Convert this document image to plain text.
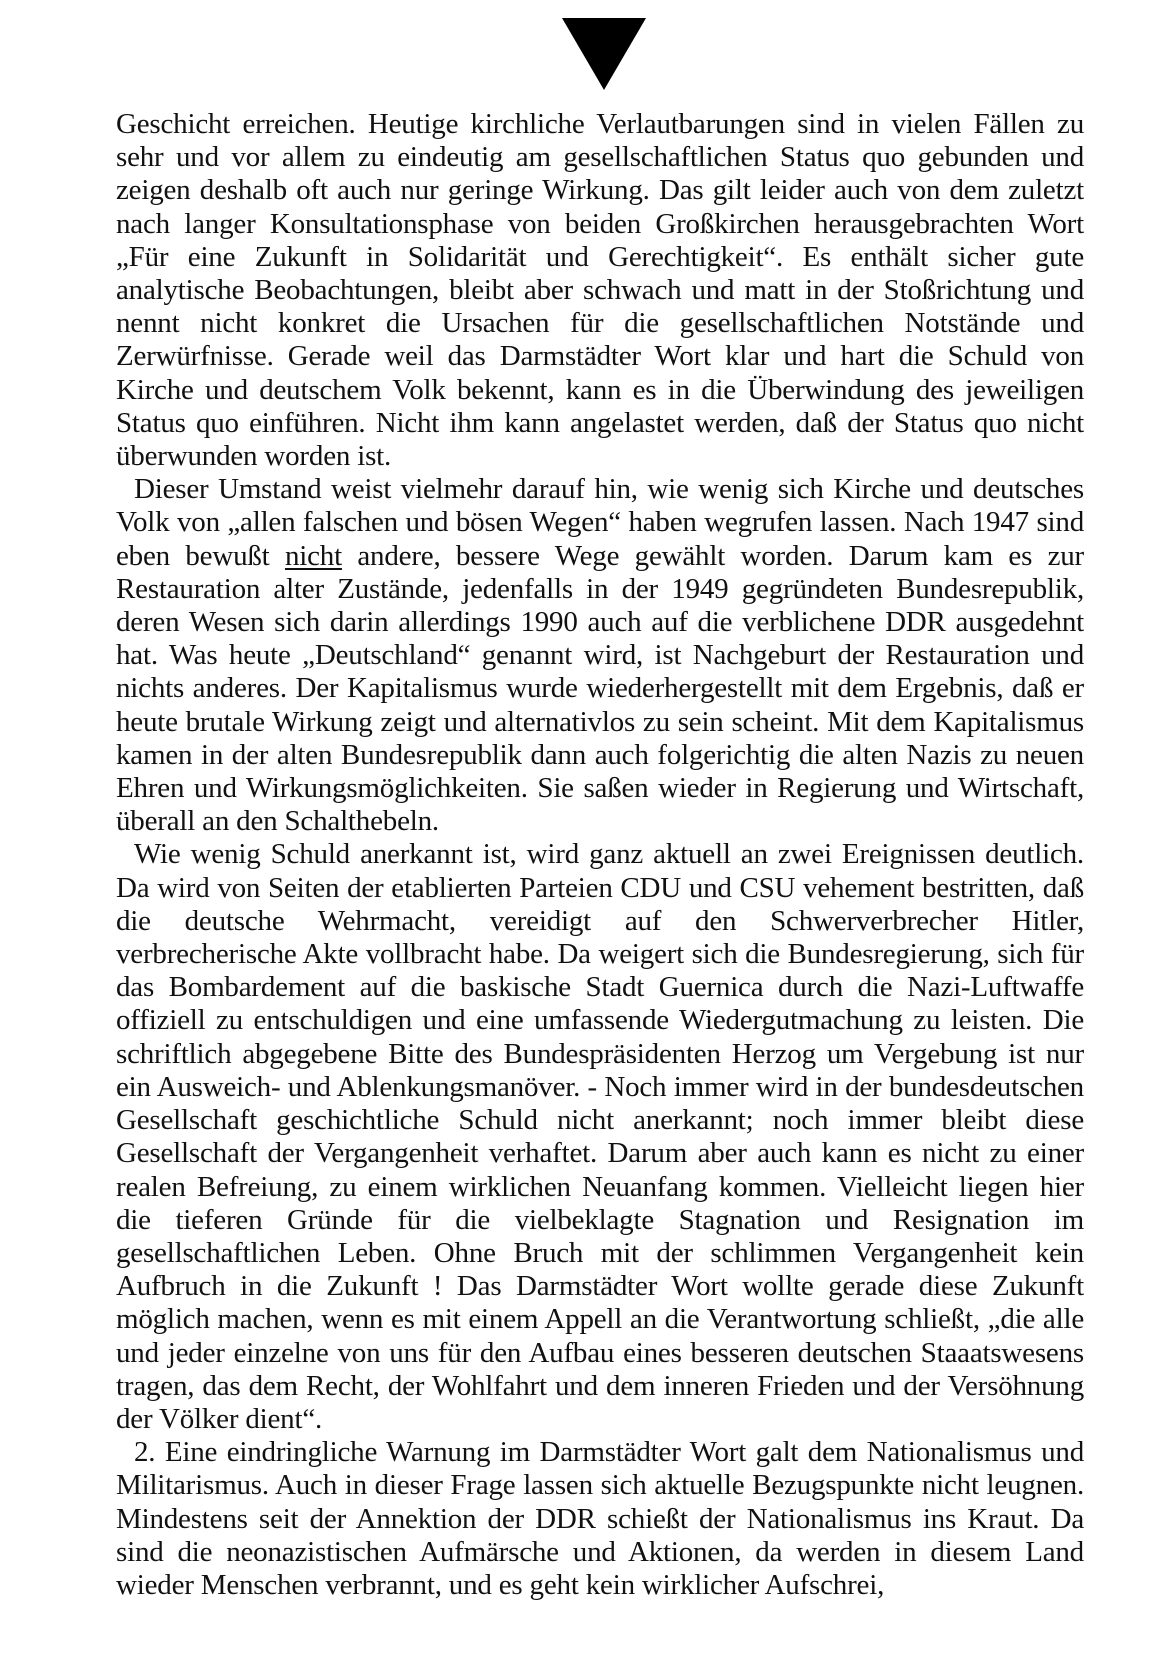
Geschicht erreichen. Heutige kirchliche Verlautbarungen sind in vielen Fällen zu sehr und vor allem zu eindeutig am gesellschaftlichen Status quo gebunden und zeigen deshalb oft auch nur geringe Wirkung. Das gilt leider auch von dem zuletzt nach langer Konsultationsphase von beiden Großkirchen herausgebrachten Wort „Für eine Zukunft in Solidarität und Gerechtigkeit“. Es enthält sicher gute analytische Beobachtungen, bleibt aber schwach und matt in der Stoßrichtung und nennt nicht konkret die Ursachen für die gesellschaftlichen Notstände und Zerwürfnisse. Gerade weil das Darmstädter Wort klar und hart die Schuld von Kirche und deutschem Volk bekennt, kann es in die Überwindung des jeweiligen Status quo einführen. Nicht ihm kann angelastet werden, daß der Status quo nicht überwunden worden ist.

Dieser Umstand weist vielmehr darauf hin, wie wenig sich Kirche und deutsches Volk von „allen falschen und bösen Wegen“ haben wegrufen lassen. Nach 1947 sind eben bewußt nicht andere, bessere Wege gewählt worden. Darum kam es zur Restauration alter Zustände, jedenfalls in der 1949 gegründeten Bundesrepublik, deren Wesen sich darin allerdings 1990 auch auf die verblichene DDR ausgedehnt hat. Was heute „Deutschland“ genannt wird, ist Nachgeburt der Restauration und nichts anderes. Der Kapitalismus wurde wiederhergestellt mit dem Ergebnis, daß er heute brutale Wirkung zeigt und alternativlos zu sein scheint. Mit dem Kapitalismus kamen in der alten Bundesrepublik dann auch folgerichtig die alten Nazis zu neuen Ehren und Wirkungsmöglichkeiten. Sie saßen wieder in Regierung und Wirtschaft, überall an den Schalthebeln.

Wie wenig Schuld anerkannt ist, wird ganz aktuell an zwei Ereignissen deutlich. Da wird von Seiten der etablierten Parteien CDU und CSU vehement bestritten, daß die deutsche Wehrmacht, vereidigt auf den Schwerverbrecher Hitler, verbrecherische Akte vollbracht habe. Da weigert sich die Bundesregierung, sich für das Bombardement auf die baskische Stadt Guernica durch die Nazi-Luftwaffe offiziell zu entschuldigen und eine umfassende Wiedergutmachung zu leisten. Die schriftlich abgegebene Bitte des Bundespräsidenten Herzog um Vergebung ist nur ein Ausweich- und Ablenkungsmanöver. - Noch immer wird in der bundesdeutschen Gesellschaft geschichtliche Schuld nicht anerkannt; noch immer bleibt diese Gesellschaft der Vergangenheit verhaftet. Darum aber auch kann es nicht zu einer realen Befreiung, zu einem wirklichen Neuanfang kommen. Vielleicht liegen hier die tieferen Gründe für die vielbeklagte Stagnation und Resignation im gesellschaftlichen Leben. Ohne Bruch mit der schlimmen Vergangenheit kein Aufbruch in die Zukunft ! Das Darmstädter Wort wollte gerade diese Zukunft möglich machen, wenn es mit einem Appell an die Verantwortung schließt, „die alle und jeder einzelne von uns für den Aufbau eines besseren deutschen Staaatswesens tragen, das dem Recht, der Wohlfahrt und dem inneren Frieden und der Versöhnung der Völker dient“.

2. Eine eindringliche Warnung im Darmstädter Wort galt dem Nationalismus und Militarismus. Auch in dieser Frage lassen sich aktuelle Bezugspunkte nicht leugnen. Mindestens seit der Annektion der DDR schießt der Nationalismus ins Kraut. Da sind die neonazistischen Aufmärsche und Aktionen, da werden in diesem Land wieder Menschen verbrannt, und es geht kein wirklicher Aufschrei,
